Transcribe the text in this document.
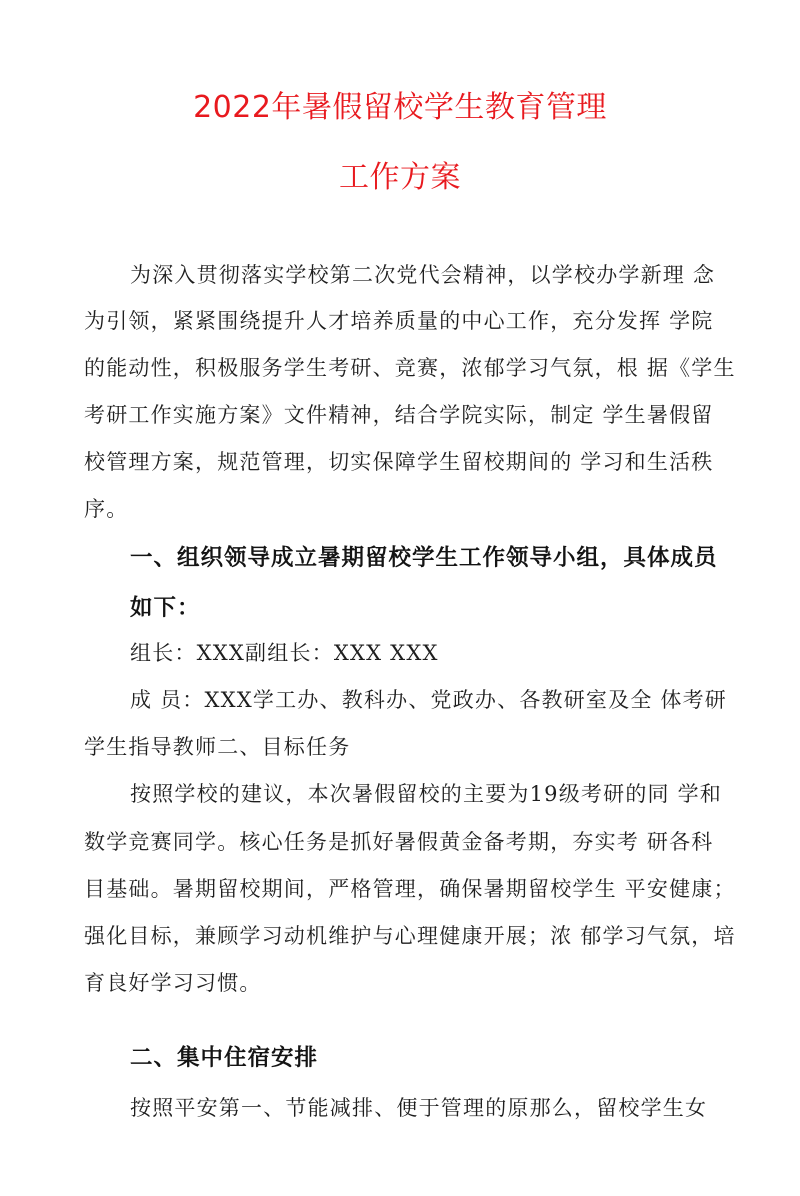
2022年暑假留校学生教育管理
工作方案
为深入贯彻落实学校第二次党代会精神，以学校办学新理 念
为引领，紧紧围绕提升人才培养质量的中心工作，充分发挥 学院
的能动性，积极服务学生考研、竞赛，浓郁学习气氛，根 据《学生
考研工作实施方案》文件精神，结合学院实际，制定 学生暑假留
校管理方案，规范管理，切实保障学生留校期间的 学习和生活秩
序。
一、组织领导成立暑期留校学生工作领导小组，具体成员
如下：
组长：XXX副组长：XXX XXX
成 员：XXX学工办、教科办、党政办、各教研室及全 体考研
学生指导教师二、目标任务
按照学校的建议，本次暑假留校的主要为19级考研的同 学和
数学竞赛同学。核心任务是抓好暑假黄金备考期，夯实考 研各科
目基础。暑期留校期间，严格管理，确保暑期留校学生 平安健康；
强化目标，兼顾学习动机维护与心理健康开展；浓 郁学习气氛，培
育良好学习习惯。
二、集中住宿安排
按照平安第一、节能减排、便于管理的原那么，留校学生女
